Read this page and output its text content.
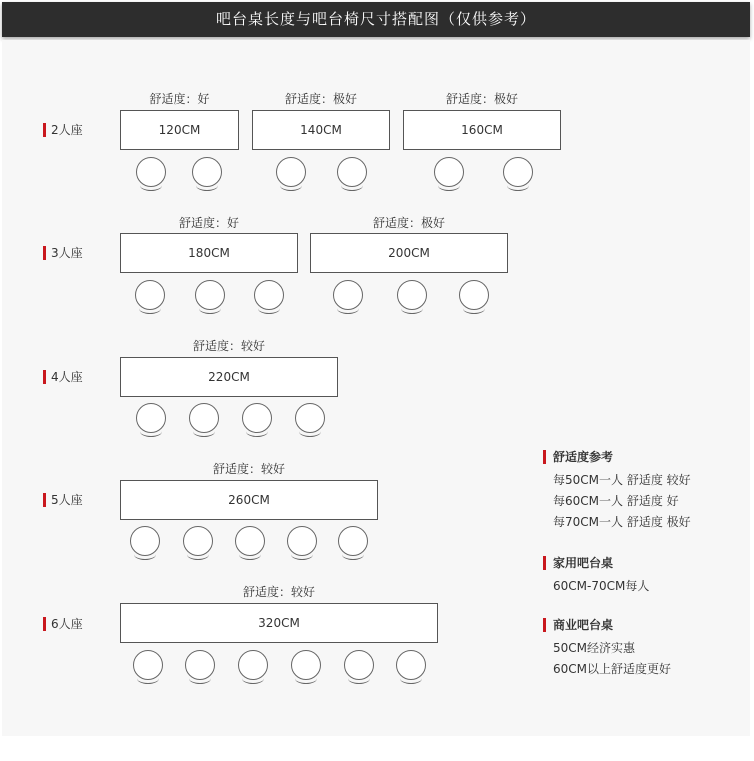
吧台桌长度与吧台椅尺寸搭配图（仅供参考）
2人座
舒适度：好
120CM
舒适度：极好
140CM
舒适度：极好
160CM
3人座
舒适度：好
180CM
舒适度：极好
200CM
4人座
舒适度：较好
220CM
5人座
舒适度：较好
260CM
6人座
舒适度：较好
320CM
舒适度参考
每50CM一人 舒适度 较好
每60CM一人 舒适度 好
每70CM一人 舒适度 极好
家用吧台桌
60CM-70CM每人
商业吧台桌
50CM经济实惠
60CM以上舒适度更好
